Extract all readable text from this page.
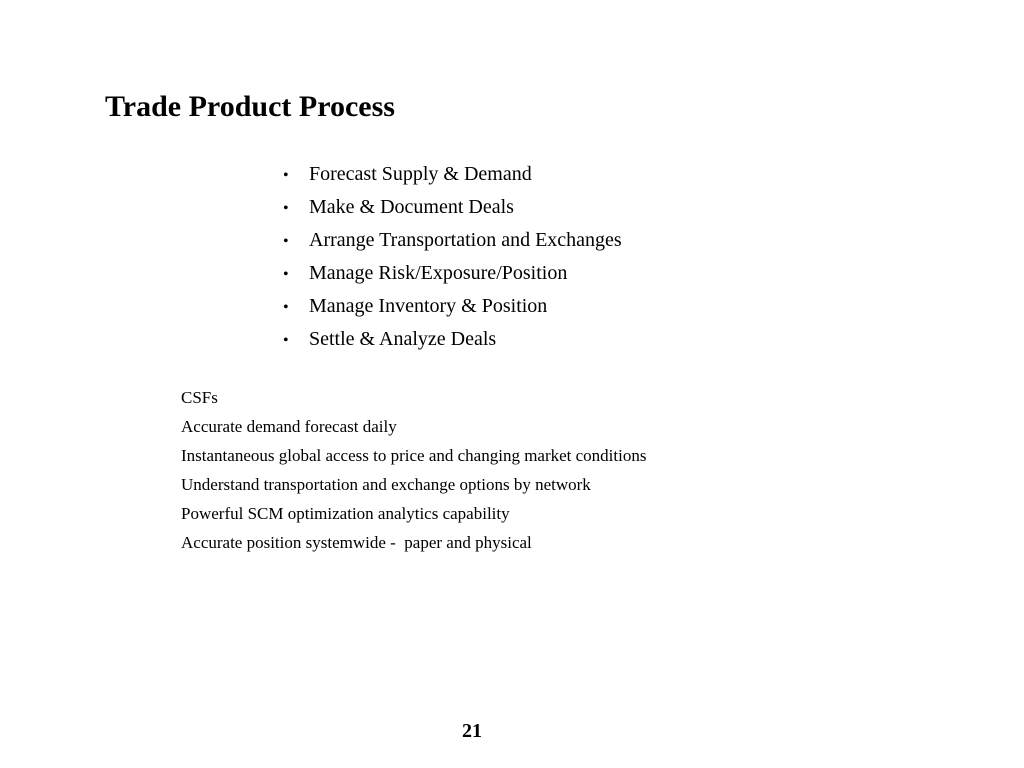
Trade Product Process
•	Forecast Supply & Demand
•	Make & Document Deals
•	Arrange Transportation and Exchanges
•	Manage Risk/Exposure/Position
•	Manage Inventory & Position
•	Settle & Analyze Deals
CSFs
Accurate demand forecast daily
Instantaneous global access to price and changing market conditions
Understand transportation and exchange options by network
Powerful SCM optimization analytics capability
Accurate position systemwide -  paper and physical
21
